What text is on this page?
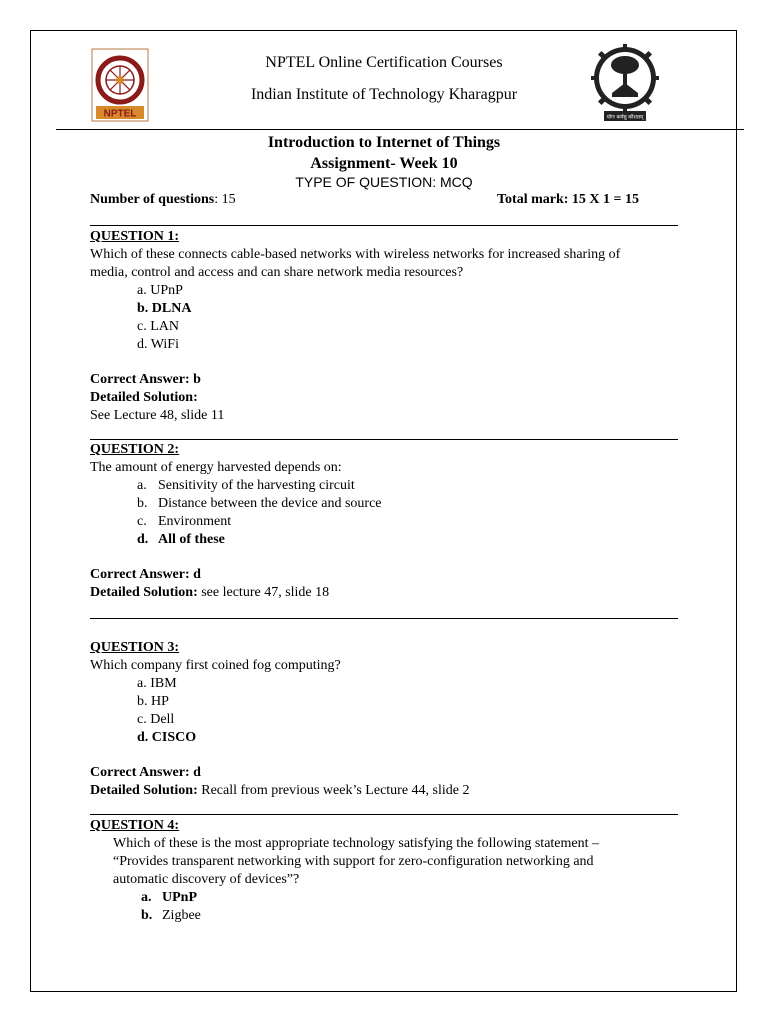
NPTEL	योगः कर्मसु कौशलम्
NPTEL Online Certification Courses
Indian Institute of Technology Kharagpur
Introduction to Internet of Things
Assignment- Week 10
TYPE OF QUESTION: MCQ
Number of questions: 15	Total mark: 15 X 1 = 15
QUESTION 1:
Which of these connects cable-based networks with wireless networks for increased sharing of
media, control and access and can share network media resources?
a. UPnP
b. DLNA
c. LAN
d. WiFi
Correct Answer: b
Detailed Solution:
See Lecture 48, slide 11
QUESTION 2:
The amount of energy harvested depends on:
a. Sensitivity of the harvesting circuit
b. Distance between the device and source
c. Environment
d. All of these
Correct Answer: d
Detailed Solution: see lecture 47, slide 18
QUESTION 3:
Which company first coined fog computing?
a. IBM
b. HP
c. Dell
d. CISCO
Correct Answer: d
Detailed Solution: Recall from previous week’s Lecture 44, slide 2
QUESTION 4:
Which of these is the most appropriate technology satisfying the following statement –
“Provides transparent networking with support for zero-configuration networking and
automatic discovery of devices”?
a. UPnP
b. Zigbee
